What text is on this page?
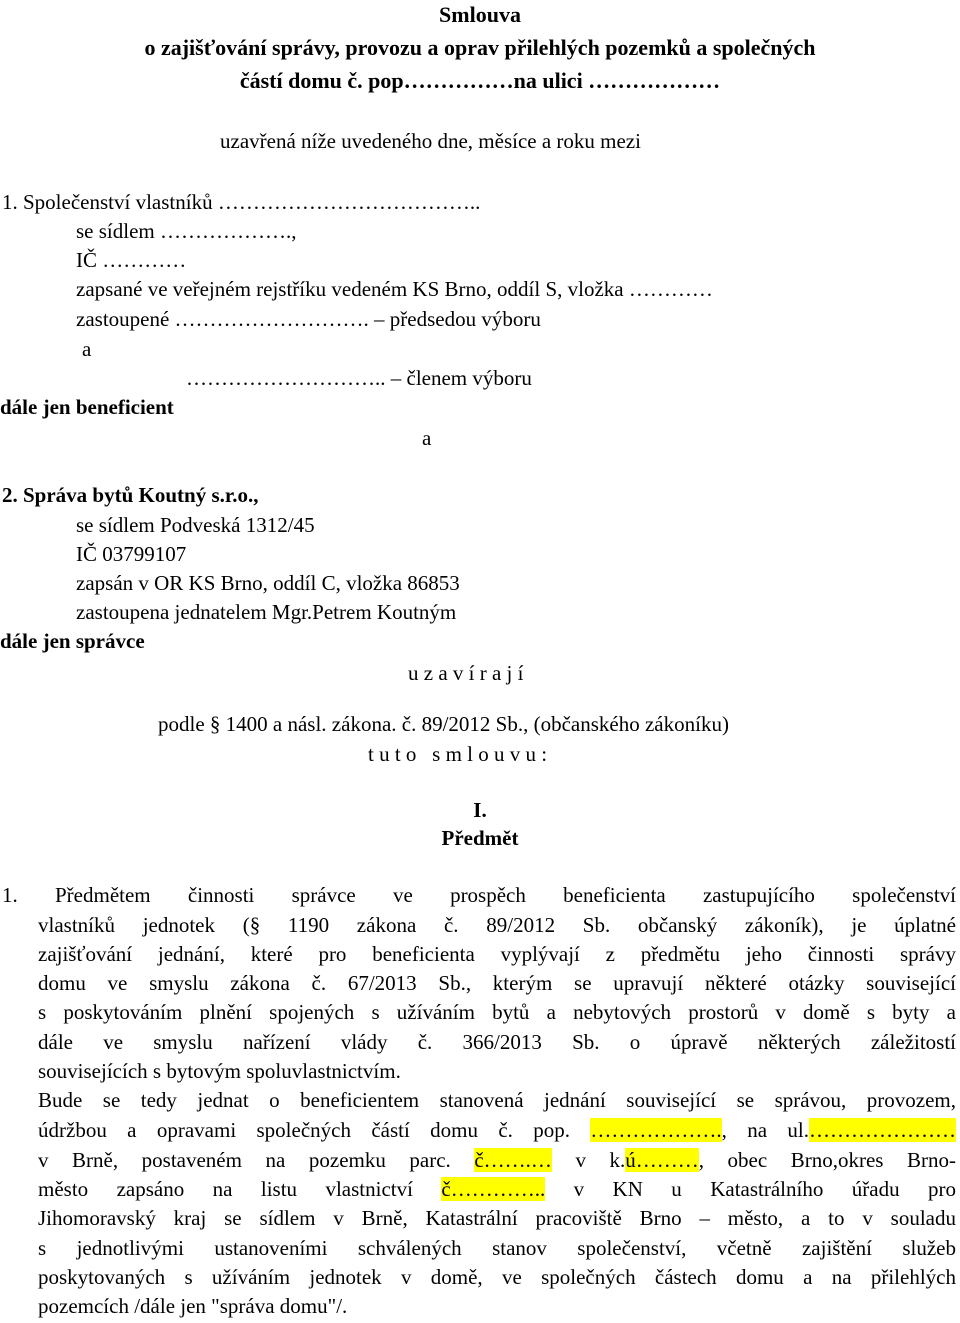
Smlouva
o zajišťování správy, provozu a oprav přilehlých pozemků a společných
částí domu č. pop……………na ulici ………………
uzavřená níže uvedeného dne, měsíce a roku mezi
1. Společenství vlastníků ………………………………..
se sídlem ……………….,
IČ …………
zapsané ve veřejném rejstříku vedeném KS Brno, oddíl S, vložka …………
zastoupené ………………………. – předsedou výboru
a
……………………….. – členem výboru
dále jen beneficient
a
2. Správa bytů Koutný s.r.o.,
se sídlem Podveská 1312/45
IČ 03799107
zapsán v OR KS Brno, oddíl C, vložka 86853
zastoupena jednatelem Mgr.Petrem Koutným
dále jen správce
u z a v í r a j í
podle § 1400 a násl. zákona. č. 89/2012 Sb., (občanského zákoníku)
t u t o   s m l o u v u :
I.
Předmět
1. Předmětem činnosti správce ve prospěch beneficienta zastupujícího společenství
vlastníků jednotek (§ 1190 zákona č. 89/2012 Sb. občanský zákoník), je úplatné
zajišťování jednání, které pro beneficienta vyplývají z předmětu jeho činnosti správy
domu ve smyslu zákona č. 67/2013 Sb., kterým se upravují některé otázky související
s poskytováním plnění spojených s užíváním bytů a nebytových prostorů v domě s byty a
dále ve smyslu nařízení vlády č. 366/2013 Sb. o úpravě některých záležitostí
souvisejících s bytovým spoluvlastnictvím.
Bude se tedy jednat o beneficientem stanovená jednání související se správou, provozem,
údržbou a opravami společných částí domu č. pop. ………………., na ul.…………………
v Brně, postaveném na pozemku parc. č…….… v k.ú………, obec Brno,okres Brno-
město zapsáno na listu vlastnictví č………….. v KN u Katastrálního úřadu pro
Jihomoravský kraj se sídlem v Brně, Katastrální pracoviště Brno – město, a to v souladu
s jednotlivými ustanoveními schválených stanov společenství, včetně zajištění služeb
poskytovaných s užíváním jednotek v domě, ve společných částech domu a na přilehlých
pozemcích /dále jen "správa domu"/.
